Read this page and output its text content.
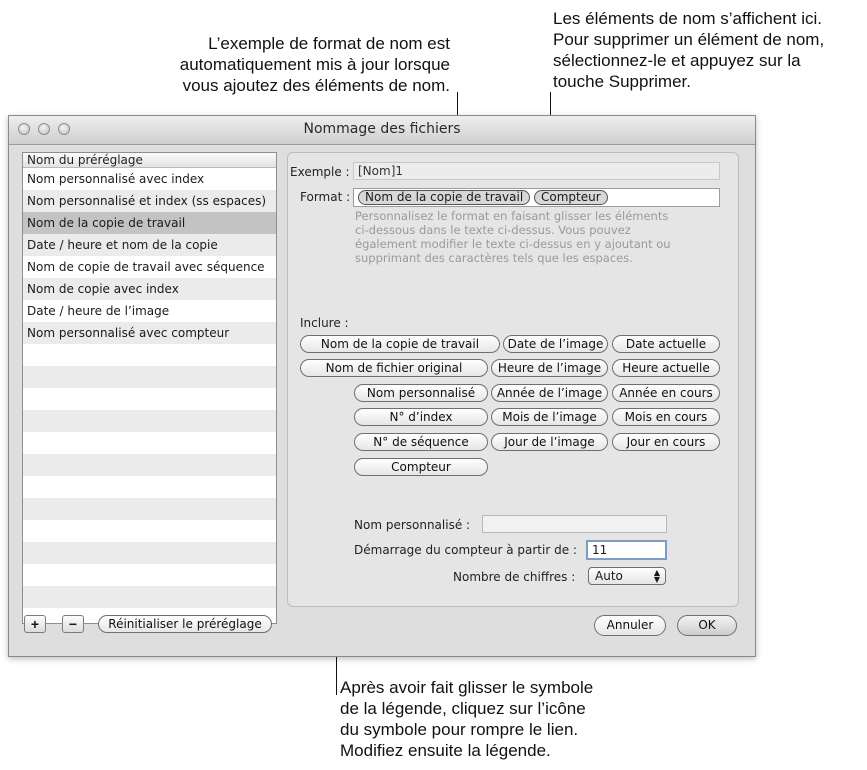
L’exemple de format de nom est
automatiquement mis à jour lorsque
vous ajoutez des éléments de nom.
Les éléments de nom s’affichent ici.
Pour supprimer un élément de nom,
sélectionnez-le et appuyez sur la
touche Supprimer.
Après avoir fait glisser le symbole
de la légende, cliquez sur l’icône
du symbole pour rompre le lien.
Modifiez ensuite la légende.
Nommage des fichiers
Nom du préréglage
Nom personnalisé avec index
Nom personnalisé et index (ss espaces)
Nom de la copie de travail
Date / heure et nom de la copie
Nom de copie de travail avec séquence
Nom de copie avec index
Date / heure de l’image
Nom personnalisé avec compteur
+	−	Réinitialiser le préréglage
Exemple : [Nom]1
Format :	Nom de la copie de travail	Compteur
Personnalisez le format en faisant glisser les éléments
ci-dessous dans le texte ci-dessus. Vous pouvez
également modifier le texte ci-dessus en y ajoutant ou
supprimant des caractères tels que les espaces.
Inclure :
Nom de la copie de travail
Nom de fichier original
Nom personnalisé
N° d’index
N° de séquence
Compteur
Date de l’image
Heure de l’image
Année de l’image
Mois de l’image
Jour de l’image
Date actuelle
Heure actuelle
Année en cours
Mois en cours
Jour en cours
Nom personnalisé :
Démarrage du compteur à partir de :	11
Nombre de chiffres :	Auto	▲
▼
Annuler	OK
